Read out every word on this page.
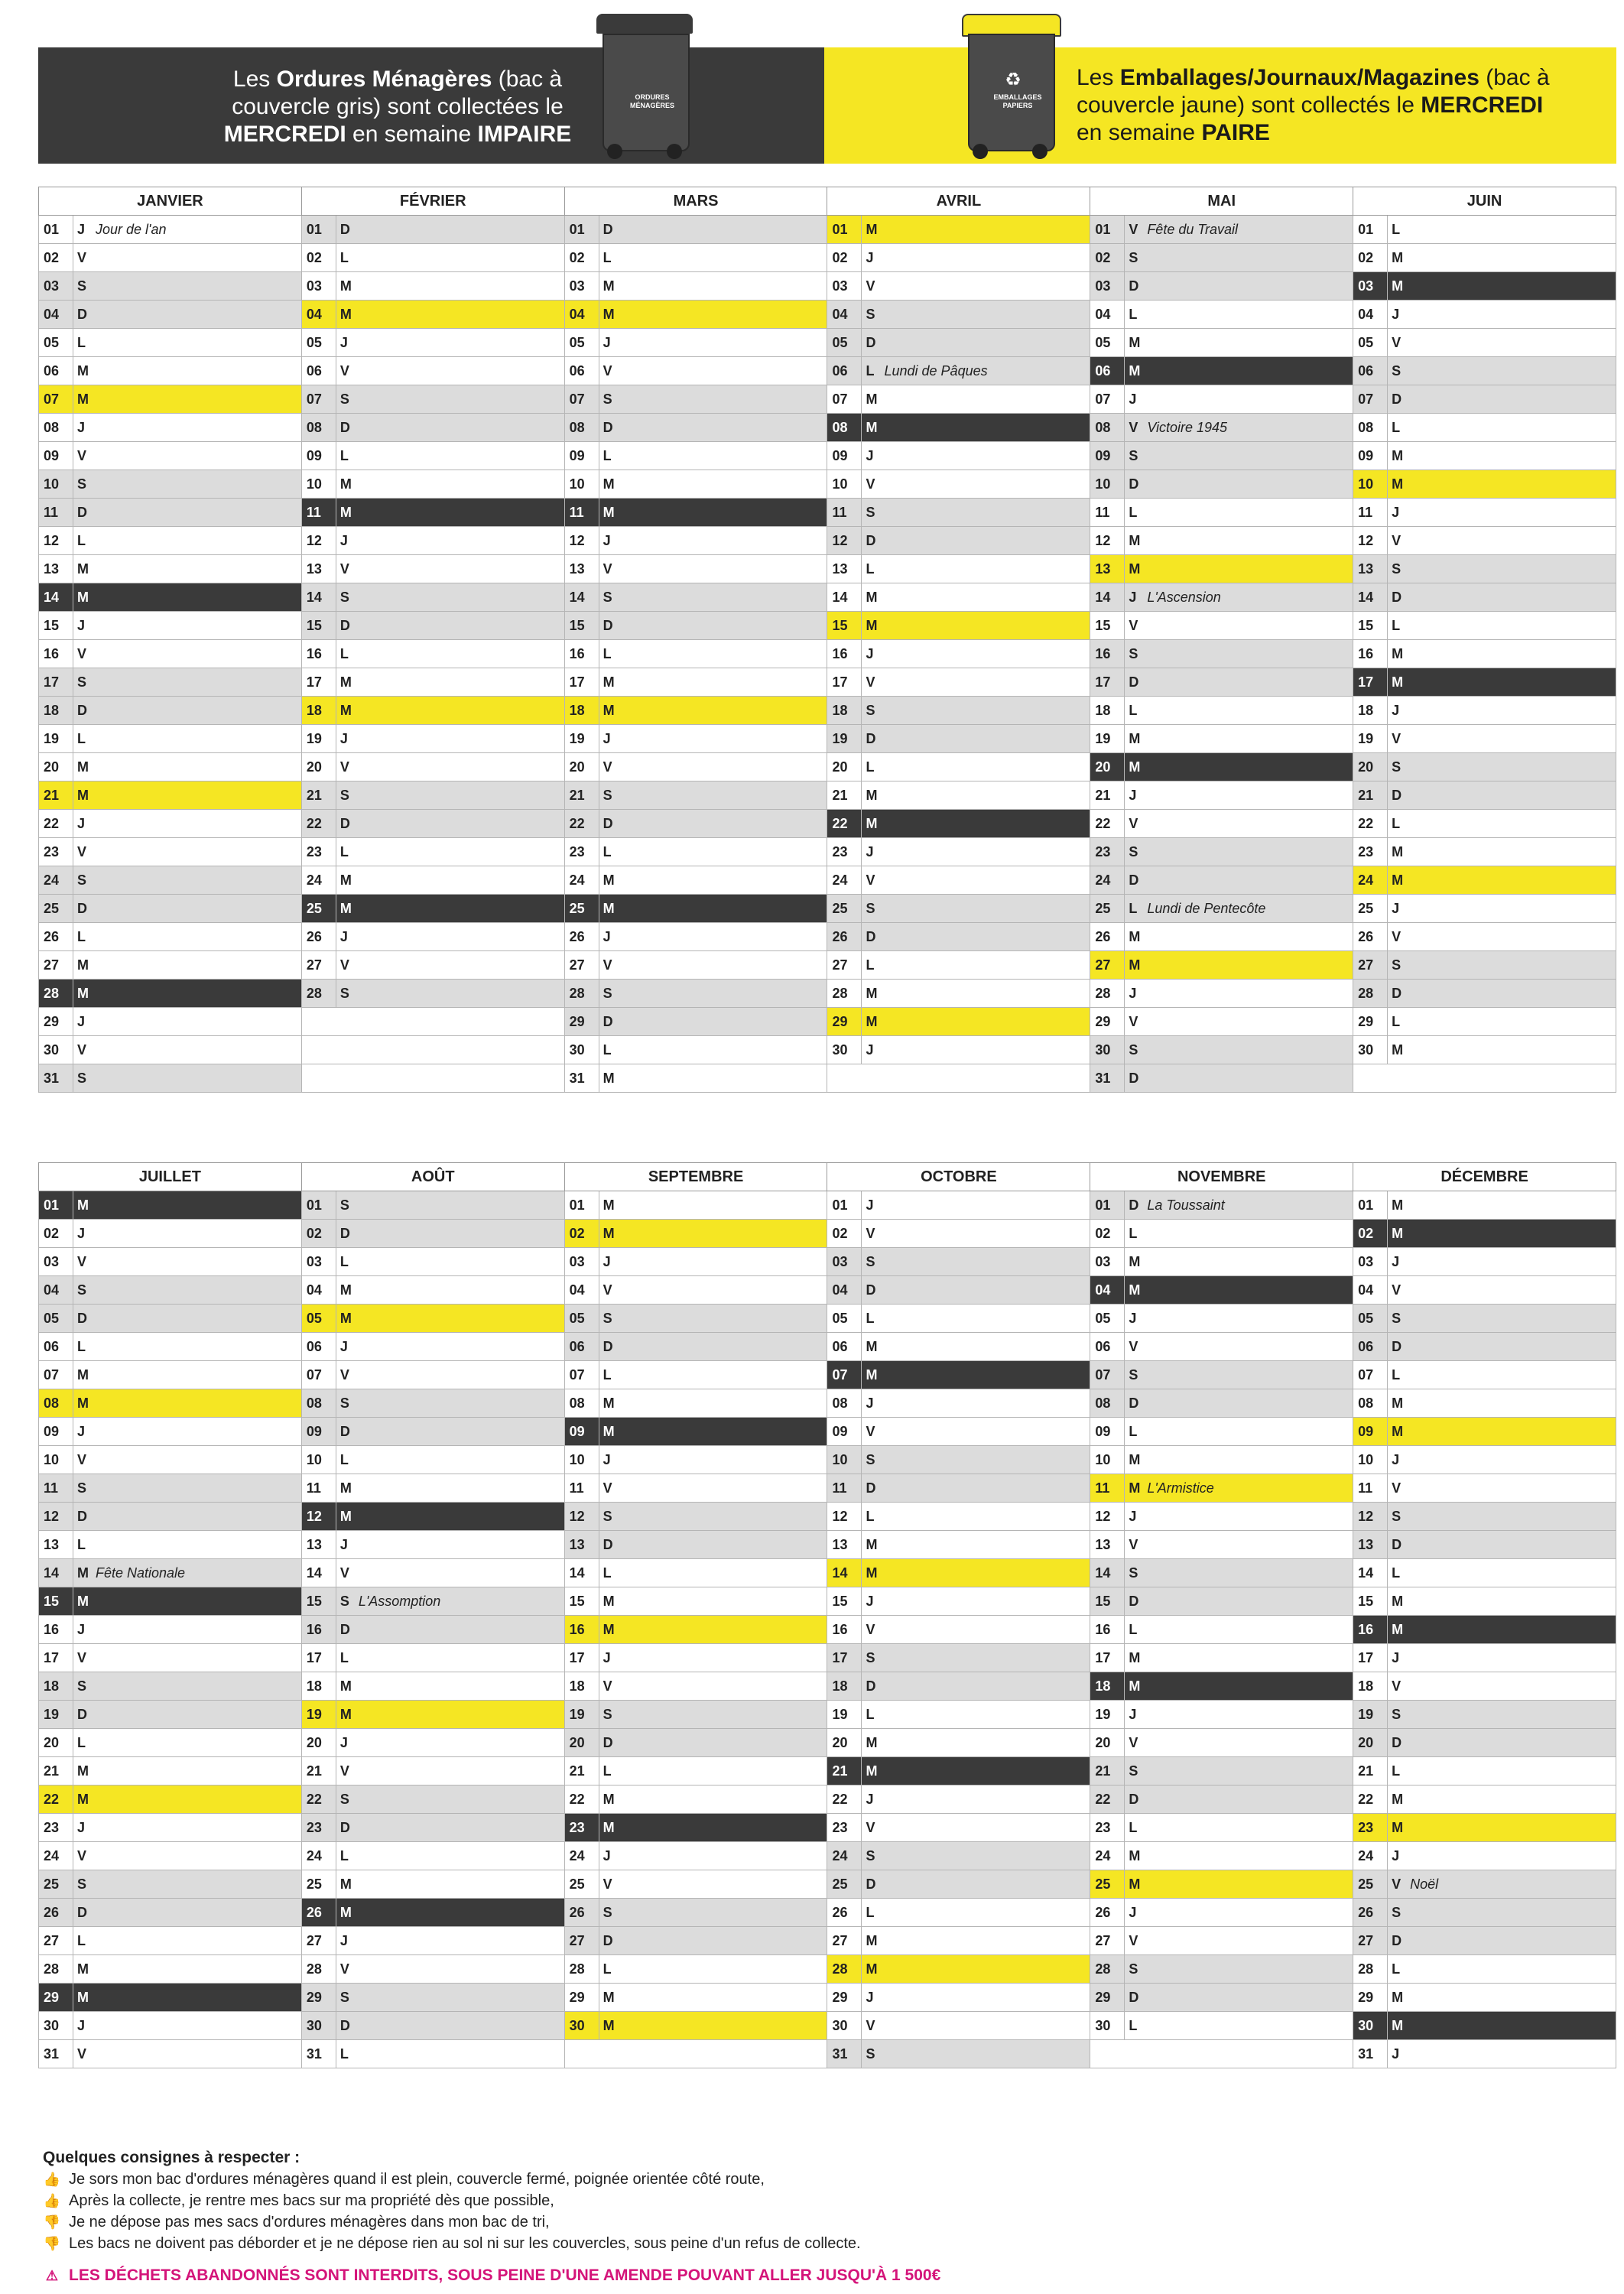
ORDURES MÉNAGÈRES
Les Ordures Ménagères (bac à couvercle gris) sont collectées le MERCREDI en semaine IMPAIRE
♻
EMBALLAGES PAPIERS
Les Emballages/Journaux/Magazines (bac à couvercle jaune) sont collectés le MERCREDI en semaine PAIRE
JANVIER	FÉVRIER	MARS	AVRIL	MAI	JUIN

01 J Jour de l'an	01 D	01 D	01 M	01 V Fête du Travail	01 L

02 V	02 L	02 L	02 J	02 S	02 M

03 S	03 M	03 M	03 V	03 D	03 M

04 D	04 M	04 M	04 S	04 L	04 J

05 L	05 J	05 J	05 D	05 M	05 V

06 M	06 V	06 V	06 L Lundi de Pâques	06 M	06 S

07 M	07 S	07 S	07 M	07 J	07 D

08 J	08 D	08 D	08 M	08 V Victoire 1945	08 L

09 V	09 L	09 L	09 J	09 S	09 M

10 S	10 M	10 M	10 V	10 D	10 M

11 D	11 M	11 M	11 S	11 L	11 J

12 L	12 J	12 J	12 D	12 M	12 V

13 M	13 V	13 V	13 L	13 M	13 S

14 M	14 S	14 S	14 M	14 J L'Ascension	14 D

15 J	15 D	15 D	15 M	15 V	15 L

16 V	16 L	16 L	16 J	16 S	16 M

17 S	17 M	17 M	17 V	17 D	17 M

18 D	18 M	18 M	18 S	18 L	18 J

19 L	19 J	19 J	19 D	19 M	19 V

20 M	20 V	20 V	20 L	20 M	20 S

21 M	21 S	21 S	21 M	21 J	21 D

22 J	22 D	22 D	22 M	22 V	22 L

23 V	23 L	23 L	23 J	23 S	23 M

24 S	24 M	24 M	24 V	24 D	24 M

25 D	25 M	25 M	25 S	25 L Lundi de Pentecôte	25 J

26 L	26 J	26 J	26 D	26 M	26 V

27 M	27 V	27 V	27 L	27 M	27 S

28 M	28 S	28 S	28 M	28 J	28 D

29 J		29 D	29 M	29 V	29 L

30 V		30 L	30 J	30 S	30 M

31 S		31 M		31 D	

JUILLET	AOÛT	SEPTEMBRE	OCTOBRE	NOVEMBRE	DÉCEMBRE

01 M	01 S	01 M	01 J	01 D La Toussaint	01 M

02 J	02 D	02 M	02 V	02 L	02 M

03 V	03 L	03 J	03 S	03 M	03 J

04 S	04 M	04 V	04 D	04 M	04 V

05 D	05 M	05 S	05 L	05 J	05 S

06 L	06 J	06 D	06 M	06 V	06 D

07 M	07 V	07 L	07 M	07 S	07 L

08 M	08 S	08 M	08 J	08 D	08 M

09 J	09 D	09 M	09 V	09 L	09 M

10 V	10 L	10 J	10 S	10 M	10 J

11 S	11 M	11 V	11 D	11 M L'Armistice	11 V

12 D	12 M	12 S	12 L	12 J	12 S

13 L	13 J	13 D	13 M	13 V	13 D

14 M Fête Nationale	14 V	14 L	14 M	14 S	14 L

15 M	15 S L'Assomption	15 M	15 J	15 D	15 M

16 J	16 D	16 M	16 V	16 L	16 M

17 V	17 L	17 J	17 S	17 M	17 J

18 S	18 M	18 V	18 D	18 M	18 V

19 D	19 M	19 S	19 L	19 J	19 S

20 L	20 J	20 D	20 M	20 V	20 D

21 M	21 V	21 L	21 M	21 S	21 L

22 M	22 S	22 M	22 J	22 D	22 M

23 J	23 D	23 M	23 V	23 L	23 M

24 V	24 L	24 J	24 S	24 M	24 J

25 S	25 M	25 V	25 D	25 M	25 V Noël

26 D	26 M	26 S	26 L	26 J	26 S

27 L	27 J	27 D	27 M	27 V	27 D

28 M	28 V	28 L	28 M	28 S	28 L

29 M	29 S	29 M	29 J	29 D	29 M

30 J	30 D	30 M	30 V	30 L	30 M

31 V	31 L		31 S		31 J
Quelques consignes à respecter :
👍 Je sors mon bac d'ordures ménagères quand il est plein, couvercle fermé, poignée orientée côté route,
👍 Après la collecte, je rentre mes bacs sur ma propriété dès que possible,
👎 Je ne dépose pas mes sacs d'ordures ménagères dans mon bac de tri,
👎 Les bacs ne doivent pas déborder et je ne dépose rien au sol ni sur les couvercles, sous peine d'un refus de collecte.
⚠ LES DÉCHETS ABANDONNÉS SONT INTERDITS, SOUS PEINE D'UNE AMENDE POUVANT ALLER JUSQU'À 1 500€
